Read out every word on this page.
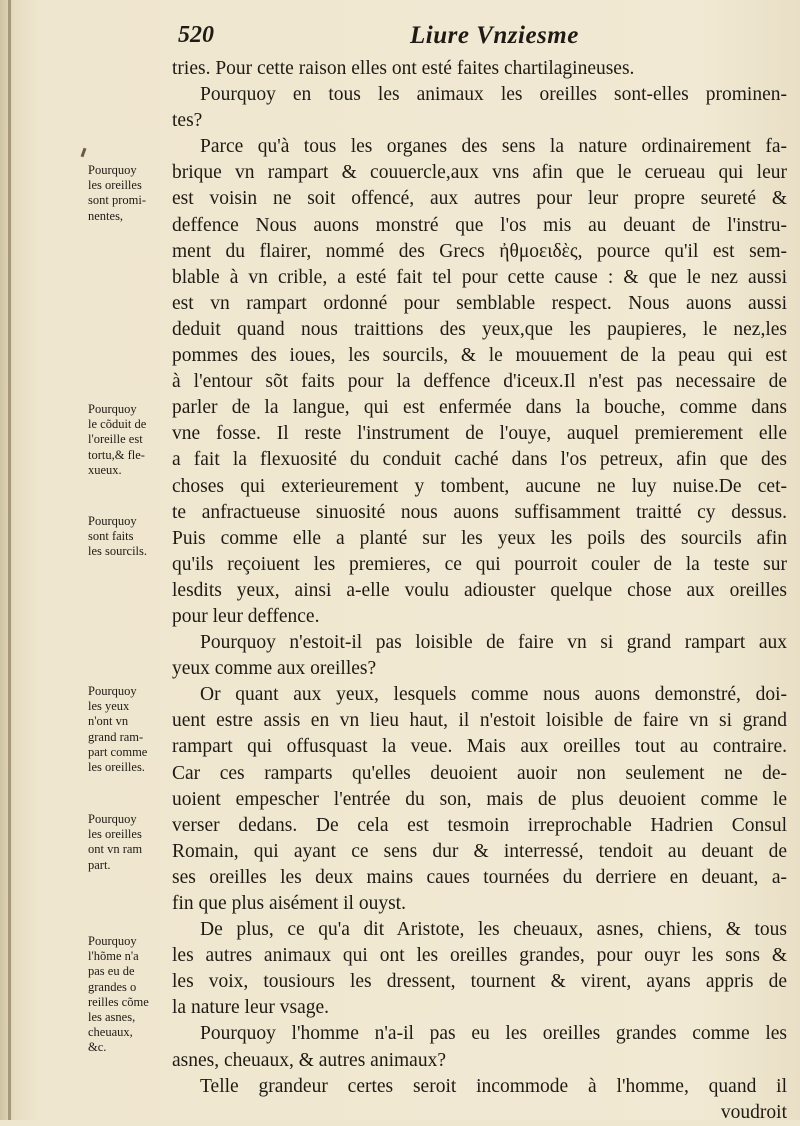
520	Liure Vnziesme
Pourquoy
les oreilles
sont promi-
nentes,
Pourquoy
le cõduit de
l'oreille est
tortu,& fle-
xueux.
Pourquoy
sont faits
les sourcils.
Pourquoy
les yeux
n'ont vn
grand ram-
part comme
les oreilles.
Pourquoy
les oreilles
ont vn ram
part.
Pourquoy
l'hõme n'a
pas eu de
grandes o
reilles cõme
les asnes,
cheuaux,
&c.
tries. Pour cette raison elles ont esté faites chartilagineuses.
Pourquoy en tous les animaux les oreilles sont-elles prominen-
tes?
Parce qu'à tous les organes des sens la nature ordinairement fa-
brique vn rampart & couuercle,aux vns afin que le cerueau qui leur
est voisin ne soit offencé, aux autres pour leur propre seureté &
deffence Nous auons monstré que l'os mis au deuant de l'instru-
ment du flairer, nommé des Grecs ἠθμοειδὲς, pource qu'il est sem-
blable à vn crible, a esté fait tel pour cette cause : & que le nez aussi
est vn rampart ordonné pour semblable respect. Nous auons aussi
deduit quand nous traittions des yeux,que les paupieres, le nez,les
pommes des ioues, les sourcils, & le mouuement de la peau qui est
à l'entour sõt faits pour la deffence d'iceux.Il n'est pas necessaire de
parler de la langue, qui est enfermée dans la bouche, comme dans
vne fosse. Il reste l'instrument de l'ouye, auquel premierement elle
a fait la flexuosité du conduit caché dans l'os petreux, afin que des
choses qui exterieurement y tombent, aucune ne luy nuise.De cet-
te anfractueuse sinuosité nous auons suffisamment traitté cy dessus.
Puis comme elle a planté sur les yeux les poils des sourcils afin
qu'ils reçoiuent les premieres, ce qui pourroit couler de la teste sur
lesdits yeux, ainsi a-elle voulu adiouster quelque chose aux oreilles
pour leur deffence.
Pourquoy n'estoit-il pas loisible de faire vn si grand rampart aux
yeux comme aux oreilles?
Or quant aux yeux, lesquels comme nous auons demonstré, doi-
uent estre assis en vn lieu haut, il n'estoit loisible de faire vn si grand
rampart qui offusquast la veue. Mais aux oreilles tout au contraire.
Car ces ramparts qu'elles deuoient auoir non seulement ne de-
uoient empescher l'entrée du son, mais de plus deuoient comme le
verser dedans. De cela est tesmoin irreprochable Hadrien Consul
Romain, qui ayant ce sens dur & interressé, tendoit au deuant de
ses oreilles les deux mains caues tournées du derriere en deuant, a-
fin que plus aisément il ouyst.
De plus, ce qu'a dit Aristote, les cheuaux, asnes, chiens, & tous
les autres animaux qui ont les oreilles grandes, pour ouyr les sons &
les voix, tousiours les dressent, tournent & virent, ayans appris de
la nature leur vsage.
Pourquoy l'homme n'a-il pas eu les oreilles grandes comme les
asnes, cheuaux, & autres animaux?
Telle grandeur certes seroit incommode à l'homme, quand il
voudroit
